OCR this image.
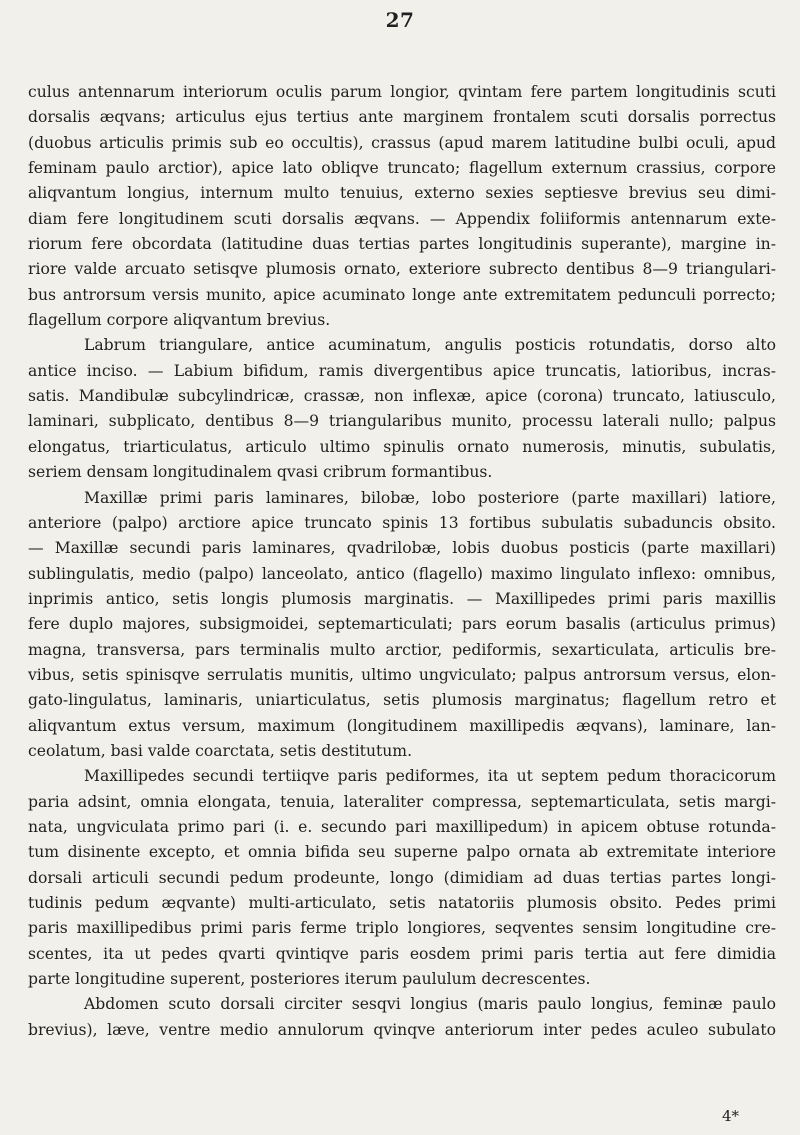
27
culus antennarum interiorum oculis parum longior, qvintam fere partem longitudinis scuti
dorsalis æqvans; articulus ejus tertius ante marginem frontalem scuti dorsalis porrectus
(duobus articulis primis sub eo occultis), crassus (apud marem latitudine bulbi oculi, apud
feminam paulo arctior), apice lato obliqve truncato; flagellum externum crassius, corpore
aliqvantum longius, internum multo tenuius, externo sexies septiesve brevius seu dimi-
diam fere longitudinem scuti dorsalis æqvans. — Appendix foliiformis antennarum exte-
riorum fere obcordata (latitudine duas tertias partes longitudinis superante), margine in-
riore valde arcuato setisqve plumosis ornato, exteriore subrecto dentibus 8—9 triangulari-
bus antrorsum versis munito, apice acuminato longe ante extremitatem pedunculi porrecto;
flagellum corpore aliqvantum brevius.
Labrum triangulare, antice acuminatum, angulis posticis rotundatis, dorso alto
antice inciso. — Labium bifidum, ramis divergentibus apice truncatis, latioribus, incras-
satis. Mandibulæ subcylindricæ, crassæ, non inflexæ, apice (corona) truncato, latiusculo,
laminari, subplicato, dentibus 8—9 triangularibus munito, processu laterali nullo; palpus
elongatus, triarticulatus, articulo ultimo spinulis ornato numerosis, minutis, subulatis,
seriem densam longitudinalem qvasi cribrum formantibus.
Maxillæ primi paris laminares, bilobæ, lobo posteriore (parte maxillari) latiore,
anteriore (palpo) arctiore apice truncato spinis 13 fortibus subulatis subaduncis obsito.
— Maxillæ secundi paris laminares, qvadrilobæ, lobis duobus posticis (parte maxillari)
sublingulatis, medio (palpo) lanceolato, antico (flagello) maximo lingulato inflexo: omnibus,
inprimis antico, setis longis plumosis marginatis. — Maxillipedes primi paris maxillis
fere duplo majores, subsigmoidei, septemarticulati; pars eorum basalis (articulus primus)
magna, transversa, pars terminalis multo arctior, pediformis, sexarticulata, articulis bre-
vibus, setis spinisqve serrulatis munitis, ultimo ungviculato; palpus antrorsum versus, elon-
gato-lingulatus, laminaris, uniarticulatus, setis plumosis marginatus; flagellum retro et
aliqvantum extus versum, maximum (longitudinem maxillipedis æqvans), laminare, lan-
ceolatum, basi valde coarctata, setis destitutum.
Maxillipedes secundi tertiiqve paris pediformes, ita ut septem pedum thoracicorum
paria adsint, omnia elongata, tenuia, lateraliter compressa, septemarticulata, setis margi-
nata, ungviculata primo pari (i. e. secundo pari maxillipedum) in apicem obtuse rotunda-
tum disinente excepto, et omnia bifida seu superne palpo ornata ab extremitate interiore
dorsali articuli secundi pedum prodeunte, longo (dimidiam ad duas tertias partes longi-
tudinis pedum æqvante) multi-articulato, setis natatoriis plumosis obsito. Pedes primi
paris maxillipedibus primi paris ferme triplo longiores, seqventes sensim longitudine cre-
scentes, ita ut pedes qvarti qvintiqve paris eosdem primi paris tertia aut fere dimidia
parte longitudine superent, posteriores iterum paululum decrescentes.
Abdomen scuto dorsali circiter sesqvi longius (maris paulo longius, feminæ paulo
brevius), læve, ventre medio annulorum qvinqve anteriorum inter pedes aculeo subulato
4*
